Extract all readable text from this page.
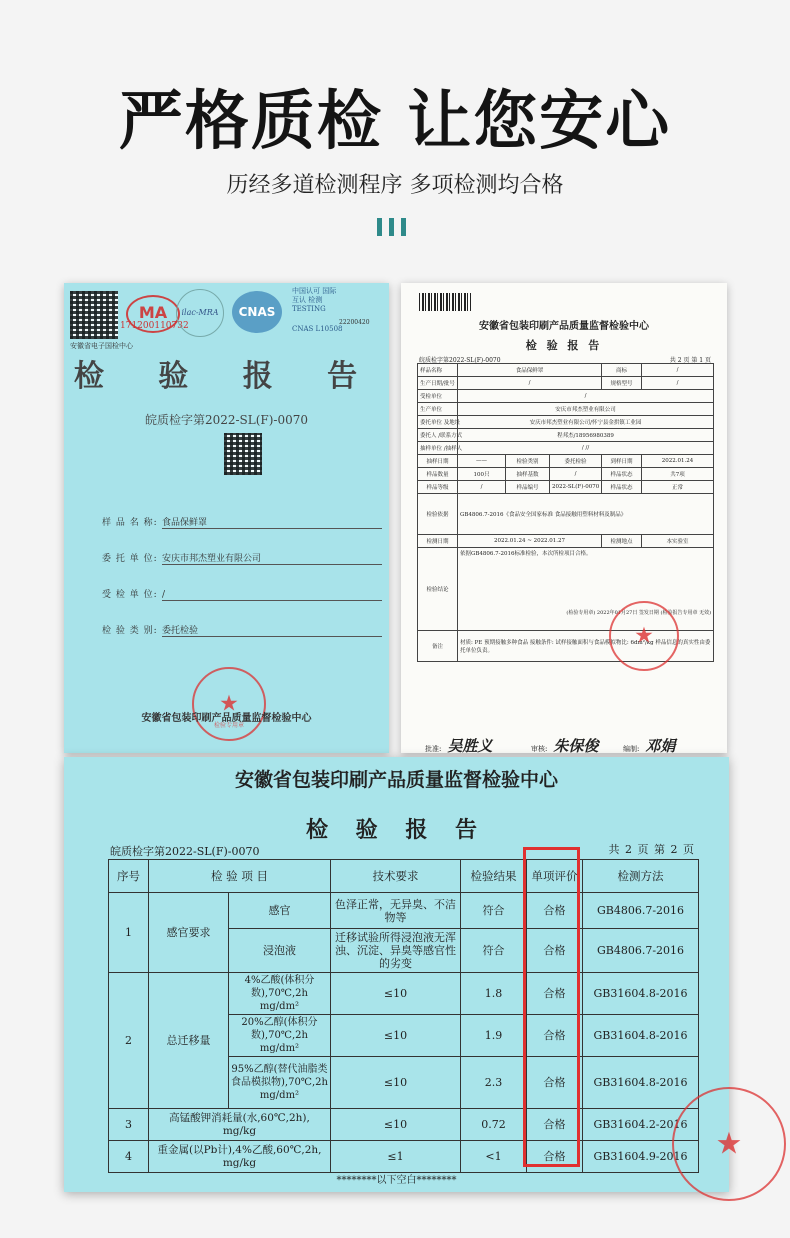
严格质检 让您安心
历经多道检测程序 多项检测均合格
安徽省电子国检中心
MA
171200110732
ilac-MRA	CNAS
中国认可 国际互认 检测 TESTING
CNAS L10508
22200420
检 验 报 告
皖质检字第2022-SL(F)-0070
样 品 名 称: 食品保鲜罩
委 托 单 位: 安庆市邦杰塑业有限公司
受 检 单 位: /
检 验 类 别: 委托检验
★
检验专用章
安徽省包装印刷产品质量监督检验中心
安徽省包装印刷产品质量监督检验中心
检 验 报 告
皖质检字第2022-SL(F)-0070	共 2 页 第 1 页
样品名称	食品保鲜罩			商标	/
生产日期/批号	/			规格型号	/
受检单位	/				
生产单位	安庆市邦杰塑业有限公司				
委托单位 及地址	安庆市邦杰塑业有限公司/怀宁县金拱镇工业园				
委托人 /联系方式	程邦杰/18956980389				
抽样单位 /抽样人	/ //				
抽样日期	——	检验类别	委托检验	到样日期	2022.01.24
样品数量	100只	抽样基数	/	样品状态	共7项
样品等级	/	样品编号	2022-SL(F)-0070	样品状态	正常
检验依据	GB4806.7-2016《食品安全国家标准 食品接触用塑料材料及制品》				
检测日期	2022.01.24 ~ 2022.01.27			检测地点	本实验室
检验结论	依据GB4806.7-2016标准检验，本次所检项目合格。
(检验专用章) 2022年01月27日 签发日期 (检验报告专用章 无效)				

备注	材质: PE 预期接触多种食品 接触条件: 试样接触面积与食品模拟物比: 6dm²/kg 样品信息的真实性由委托单位负责。				
★
批准: 吴胜义	审核: 朱保俊	编制: 邓娟
安徽省包装印刷产品质量监督检验中心
检 验 报 告
皖质检字第2022-SL(F)-0070	共 2 页 第 2 页
序号	检 验 项 目		技术要求	检验结果	单项评价	检测方法
1	感官要求	感官	色泽正常，无异臭、不洁物等	符合	合格	GB4806.7-2016
		浸泡液	迁移试验所得浸泡液无浑浊、沉淀、异臭等感官性的劣变	符合	合格	GB4806.7-2016
2	总迁移量	4%乙酸(体积分数),70℃,2h mg/dm²	≤10	1.8	合格	GB31604.8-2016
		20%乙醇(体积分数),70℃,2h mg/dm²	≤10	1.9	合格	GB31604.8-2016
		95%乙醇(替代油脂类食品模拟物),70℃,2h mg/dm²	≤10	2.3	合格	GB31604.8-2016
3	高锰酸钾消耗量(水,60℃,2h), mg/kg		≤10	0.72	合格	GB31604.2-2016
4	重金属(以Pb计),4%乙酸,60℃,2h, mg/kg		≤1	<1	合格	GB31604.9-2016 ★
********以下空白********
